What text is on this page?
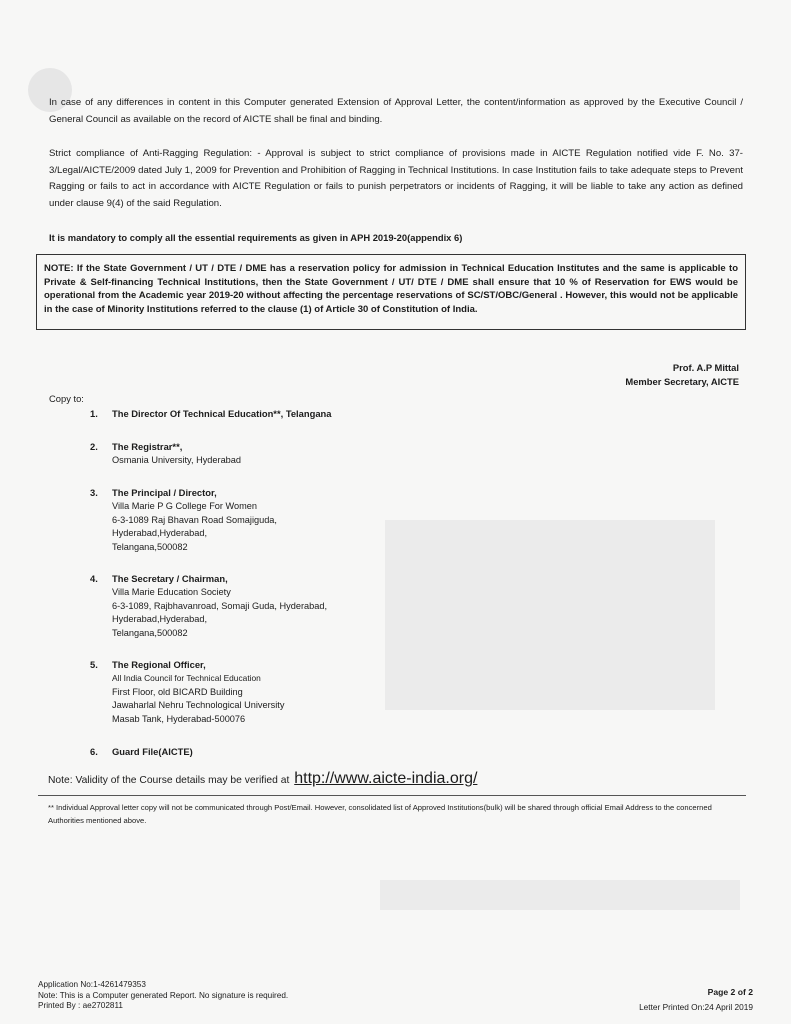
In case of any differences in content in this Computer generated Extension of Approval Letter, the content/information as approved by the Executive Council / General Council as available on the record of AICTE shall be final and binding.
Strict compliance of Anti-Ragging Regulation: - Approval is subject to strict compliance of provisions made in AICTE Regulation notified vide F. No. 37-3/Legal/AICTE/2009 dated July 1, 2009 for Prevention and Prohibition of Ragging in Technical Institutions. In case Institution fails to take adequate steps to Prevent Ragging or fails to act in accordance with AICTE Regulation or fails to punish perpetrators or incidents of Ragging, it will be liable to take any action as defined under clause 9(4) of the said Regulation.
It is mandatory to comply all the essential requirements as given in APH 2019-20(appendix 6)
NOTE: If the State Government / UT / DTE / DME has a reservation policy for admission in Technical Education Institutes and the same is applicable to Private & Self-financing Technical Institutions, then the State Government / UT/ DTE / DME shall ensure that 10 % of Reservation for EWS would be operational from the Academic year 2019-20 without affecting the percentage reservations of SC/ST/OBC/General . However, this would not be applicable in the case of Minority Institutions referred to the clause (1) of Article 30 of Constitution of India.
Prof. A.P Mittal
Member Secretary, AICTE
Copy to:
1. The Director Of Technical Education**, Telangana
2. The Registrar**,
Osmania University, Hyderabad
3. The Principal / Director,
Villa Marie P G College For Women
6-3-1089 Raj Bhavan Road Somajiguda,
Hyderabad,Hyderabad,
Telangana,500082
4. The Secretary / Chairman,
Villa Marie Education Society
6-3-1089, Rajbhavanroad, Somaji Guda, Hyderabad,
Hyderabad,Hyderabad,
Telangana,500082
5. The Regional Officer,
All India Council for Technical Education
First Floor, old BICARD Building
Jawaharlal Nehru Technological University
Masab Tank, Hyderabad-500076
6. Guard File(AICTE)
Note: Validity of the Course details may be verified at http://www.aicte-india.org/
** Individual Approval letter copy will not be communicated through Post/Email. However, consolidated list of Approved Institutions(bulk) will be shared through official Email Address to the concerned Authorities mentioned above.
Application No:1-4261479353
Note: This is a Computer generated Report. No signature is required.
Printed By : ae2702811
Page 2 of 2
Letter Printed On:24 April 2019
